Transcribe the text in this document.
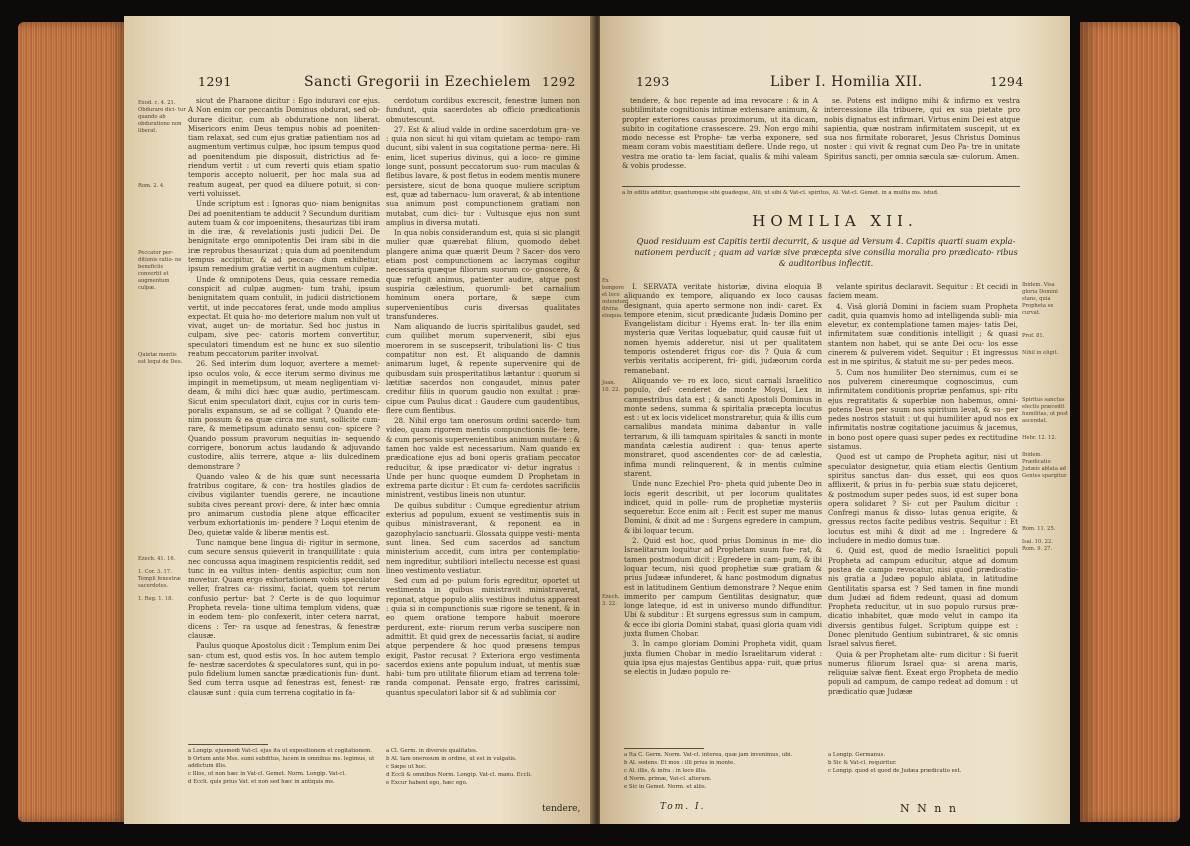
1291	Sancti Gregorii in Ezechielem 1292
Exod. c. 4. 21. Obdurare dici- tur quando ab obduratione non liberat.
Rom. 2. 4.
Peccator per- ditionis ratio- ne beneficiis convertit et augmentum culpæ.
Quietæ mentis est loqui de Deo.
Ezech. 41. 16.
1. Cor. 3. 17. Templi fenestræ sacerdotes.
1. Reg. 1. 18.

sicut de Pharaone dicitur : Ego induravi cor ejus. A Non enim cor peccantis Dominus obdurat, sed ob- durare dicitur, cum ab obduratione non liberat. Misericors enim Deus tempus nobis ad poeniten- tiam relaxat, sed cum ejus gratiæ patientiam nos ad augmentum vertimus culpæ, hoc ipsum tempus quod ad poenitendum pie disposuit, districtius ad fe- riendum vertit : ut cum reverti quis etiam spatio temporis accepto noluerit, per hoc mala sua ad reatum augeat, per quod ea diluere potuit, si con- verti voluisset.

Unde scriptum est : Ignoras quo- niam benignitas Dei ad poenitentiam te adducit ? Secundum duritiam autem tuam & cor impoenitens, thesaurizas tibi iram in die iræ, & revelationis justi judicii Dei. De benignitate ergo omnipotentis Dei iram sibi in die iræ reprobus thesaurizat ; quia dum ad poenitendum tempus accipitur, & ad peccan- dum exhibetur, ipsum remedium gratiæ vertit in augmentum culpæ.

Unde & omnipotens Deus, quia cessare remedia conspicit ad culpæ augmen- tum trahi, ipsum benignitatem quam contulit, in judicii districtionem vertit, ut inde peccatores ferat, unde modo amplius expectat. Et quia ho- mo deteriore malum non vult ut vivat, auget un- de moriatur. Sed hoc justus in culpam, sive pec- catoris mortem convertitur, speculatori timendum est ne hunc ex suo silentio reatum peccatorum pariter involvat.

26. Sed interim dum loquor, avertere a memet- ipso oculos volo, & ecce iterum sermo divinus me impingit in memetipsum, ut meam negligentiam vi- deam, & mihi dici hæc quæ audio, pertimescam. Sicut enim speculatori dixit, cujus cor in curis tem- poralis expansum, se ad se colligat ? Quando ete- nim possum & ea quæ circa me sunt, sollicite cum- rare, & memetipsum adunato sensu con- spicere ? Quando possum pravorum nequitias in- sequendo corrigere, bonorum actus laudando & adjuvando custodire, aliis terrere, atque a- liis dulcedinem demonstrare ?

Quando valeo & de his quæ sunt necessaria fratribus cogitare, & con- tra hostiles gladios de civibus vigilanter tuendis gerere, ne incautione subita cives pereant provi- dere, & inter hæc omnia pro animarum custodia plene atque efficaciter verbum exhortationis im- pendere ? Loqui etenim de Deo, quietæ valde & liberæ mentis est.

Tunc namque bene lingua di- rigitur in sermone, cum secure sensus quieverit in tranquillitate : quia nec concussa aqua imaginem respicientis reddit, sed tunc in ea vultus inten- dentis aspicitur, cum non movetur. Quam ergo exhortationem vobis speculator veller, fratres ca- rissimi, faciat, quem tot rerum confusio pertur- bat ? Certe is de quo loquimur Propheta revela- tione ultima templum videns, quæ in eodem tem- plo confexerit, inter cetera narrat, dicens : Ter- ra usque ad fenestras, & fenestræ clausæ.

Paulus quoque Apostolus dicit : Templum enim Dei san- ctum est, quod estis vos. In hoc autem templo fe- nestræ sacerdotes & speculatores sunt, qui in po- pulo fidelium lumen sanctæ prædicationis fun- dunt. Sed cum terra usque ad fenestras est, fenest- ræ clausæ sunt : quia cum terrena cogitatio in fa-

cerdotum cordibus excrescit, fenestræ lumen non fundunt, quia sacerdotes ab officio prædicationis obmutescunt.

27. Est & aliud valde in ordine sacerdotum gra- ve : quia non sicut hi qui vitam quietam ac tempo- ram ducunt, sibi valent in sua cogitatione perma- nere. Hi enim, licet superius divinus, qui a loco- re gimine longe sunt, possunt peccatorum suo- rum maculas & fletibus lavare, & post fletus in eodem mentis munere persistere, sicut de bona quoque muliere scriptum est, quæ ad tabernacu- lum oraverat, & ab intentione sua animum post compunctionem gratiam non mutabat, cum dici- tur : Vultusque ejus non sunt amplius in diversa mutati.

In qua nobis considerandum est, quia si sic plangit mulier quæ quærebat filium, quomodo debet plangere anima quæ quærit Deum ? Sacer- dos vero etiam post compunctionem ac lacrymas cogitur necessaria quæque filiorum suorum co- gnoscere, & quæ refugit animus, patienter audire, atque post suspiria cælestium, quorumli- bet carnalium hominum onera portare, & sæpe cum supervenientibus curis diversas qualitates transfunderes.

Nam aliquando de lucris spiritalibus gaudet, sed cum quilibet morum supervenerit, sibi ejus moerorem in se suscepserit, tribulationi lis- C tius compatitur non est. Et aliquando de damnis animarum luget, & repente supervenire qui de quibusdam suis prosperitatibus lætantur : quorum si lætitiæ sacerdos non congaudet, minus pater creditur filiis in quorum gaudio non exultat : præ- cipue cum Paulus dicat : Gaudere cum gaudentibus, flere cum flentibus.

28. Nihil ergo tam onerosum ordini sacerdo- tum video, quam rigorem mentis compunctionis fle- tere, & cum personis supervenientibus animum mutare : & tamen hoc valde est necessarium. Nam quando ex prædicatione ejus ad boni operis gratiam peccator reducitur, & ipse prædicator vi- detur ingratus : Unde per hunc quoque eumdem D Prophetam in extrema parte dicitur : Et cum fa- cerdotes sacrificiis ministrent, vestibus lineis non utuntur.

De quibus subditur : Cumque egredientur atrium exterius ad populum, exuent se vestimentis suis in quibus ministraverant, & reponent ea in gazophylacio sanctuarii. Glossata quippe vesti- menta sunt linea. Sed cum sacerdos ad sanctum ministerium accedit, cum intra per contemplatio- nem ingreditur, subtiliori intellectu necesse est quasi lineo vestimento vestiatur.

Sed cum ad po- pulum foris egreditur, oportet ut vestimenta in quibus ministravit ministraverat, reponat, atque populo aliis vestibus indutus appareat : quia si in compunctionis suæ rigore se tenent, & in eo quem oratione tempore habuit moerore perdurent, exte- riorum rerum verba suscipere non admittit. Et quid grex de necessariis faciat, si audire atque perpendere & hoc quod præsens tempus exigit, Pastor recusat ? Exteriora ergo vestimenta sacerdos exiens ante populum induat, ut mentis suæ habi- tum pro utilitate filiorum etiam ad terrena tole- randa componat. Pensate ergo, fratres carissimi, quantus speculatori labor sit & ad sublimia cor

a Longip. ejusmodi Vat-cl. ejus ita ut expositionem et cogitationem.
b Ortum ante Mss. sumi subditus, lucem in omnibus ms. legimus, ut addictum illis.
c Illos, ut non hæc in Vat-cl. Gemet. Norm. Longip. Vat-cl.
d Eccli. quis prius Vat. et non sed hæc in antiquis ms.
a Cl. Germ. in diversis qualitates.
b Al. tam onerosum in ordine, ut est in vulgatis.
c Sæpe ut hoc.
d Eccli & omnibus Norm. Longip. Vat-cl. manu. Eccli.
e Excur habent ego, hæc ego.
tendere,
1293	Liber I. Homilia XII.	1294

tendere, & hoc repente ad ima revocare : & in A subtilimitate cognitionis intimæ extensare animum, & propter exteriores causas proximorum, ut ita dicam, subito in cogitatione crassescere. 29. Non ergo mihi modo necesse est Prophe- tæ verba exponere, sed meam coram vobis maestitiam deflere. Unde rego, ut vestra me oratio ta- lem faciat, qualis & mihi valeam & vobis prodesse.

se. Potens est indigno mihi & infirmo ex vestra intercessione illa tribuere, qui ex sua pietate pro nobis dignatus est infirmari. Virtus enim Dei est atque sapientia, quæ nostram infirmitatem suscepit, ut ex sua nos firmitate roboraret, Jesus Christus Dominus noster : qui vivit & regnat cum Deo Pa- tre in unitate Spiritus sancti, per omnia sæcula sæ- culorum. Amen.

a In editis additur, quantumque sibi guadeque, Alii, ut sibi & Vat-cl. spiritus, Al. Vat-cl. Gemet. in a multis ms. istud.
HOMILIA XII.
Quod residuum est Capitis tertii decurrit, & usque ad Versum 4. Capitis quarti suam expla- nationem perducit ; quam ad variæ sive præcepta sive consilia moralia pro prædicato- ribus & auditoribus inflectit.
Ex tempore et loco ostendunt divina eloquia.
Joan. 10. 22.
Ezech. 3. 22.

I. SERVATA veritate historiæ, divina eloquia B aliquando ex tempore, aliquando ex loco causas designant, quia aperto sermone non indi- caret. Ex tempore etenim, sicut prædicante Judæis Domino per Evangelistam dicitur : Hyems erat. In- ter illa enim mysteria quæ Veritas loquebatur, quid causæ fuit ut nomen hyemis adderetur, nisi ut per qualitatem temporis ostenderet frigus cor- dis ? Quia & cum verbis veritatis acciperent, fri- gidi, judæorum corda remanebant.

Aliquando ve- ro ex loco, sicut carnali Israelitico populo, def- cenderet de monte Moysi, Lex in campestribus data est ; & sancti Apostoli Dominus in monte sedens, summa & spiritalia præcepta locutus est : ut ex locis videlicet monstraretur, quia & illis cum carnalibus mandata minima dabantur in valle terrarum, & illi tamquam spiritales & sancti in monte mandata cælestia audirent : qua- tenus aperte monstraret, quod ascendentes cor- de ad cælestia, infima mundi relinquerent, & in mentis culmine starent.

Unde nunc Ezechiel Pro- pheta quid jubente Deo in locis egerit describit, ut per locorum qualitates indicet, quid in polle- rum de prophetiæ mysteriis sequeretur. Ecce enim ait : Fecit est super me manus Domini, & dixit ad me : Surgens egredere in campum, & ibi loquar tecum.

2. Quid est hoc, quod prius Dominus in me- dio Israelitarum loquitur ad Prophetam suum fue- rat, & tamen postmodum dicit : Egredere in cam- pum, & ibi loquar tecum, nisi quod prophetiæ suæ gratiam & prius Judææ infunderet, & hanc postmodum dignatus est in latitudinem Gentium demonstrare ? Neque enim immerito per campum Gentilitas designatur, quæ longe lateque, id est in universo mundo diffunditur. Ubi & subditur : Et surgens egressus sum in campum, & ecce ibi gloria Domini stabat, quasi gloria quam vidi juxta flumen Chobar.

3. In campo gloriam Domini Propheta vidit, quam juxta flumen Chobar in medio Israelitarum viderat : quia ipsa ejus majestas Gentibus appa- ruit, quæ prius se electis in Judæo populo re-

velante spiritus declaravit. Sequitur : Et cecidi in faciem meam.

4. Visâ gloriâ Domini in faciem suam Propheta cadit, quia quamvis homo ad intelligenda subli- mia elevetur, ex contemplatione tamen majes- tatis Dei, infirmitatem suæ conditionis intelligit ; & quasi stantem non habet, qui se ante Dei ocu- los esse cinerem & pulverem videt. Sequitur : Et ingressus est in me spiritus, & statuit me su- per pedes meos.

5. Cum nos humiliter Deo sternimus, cum ei se nos pulverem cinereumque cognoscimus, cum infirmitatem conditionis propriæ penfamus, spi- ritu ejus regratitatis & superbiæ non habemus, omni- potens Deus per suum nos spiritum levat, & su- per pedes nostros statuit : ut qui humiliter apud nos ex infirmitatis nostræ cogitatione jacuimus & jacemus, in bono post opere quasi super pedes ex rectitudine sistamus.

Quod est ut campo de Propheta agitur, nisi ut speculator designetur, quia etiam electis Gentium spiritus sanctus dan- dus esset, qui eos quos afflixerit, & prius in fu- perbia suæ statu dejiceret, & postmodum super pedes suos, id est super bona opera solidaret ? Si- cut per Paulum dicitur : Confregi manus & disso- lutas genua erigite, & gressus rectos facite pedibus vestris. Sequitur : Et locutus est mihi & dixit ad me : Ingredere & includere in medio domus tuæ.

6. Quid est, quod de medio Israelitici populi Propheta ad campum educitur, atque ad domum postea de campo revocatur, nisi quod prædicatio- nis gratia a Judæo populo ablata, in latitudine Gentilitatis sparsa est ? Sed tamen in fine mundi dum Judæi ad fidem redeunt, quasi ad domum Propheta reducitur, ut in suo populo rursus præ- dicatio inhabitet, quæ modo velut in campo ita diversis gentibus fulget. Scriptum quippe est : Donec plenitudo Gentium subintraret, & sic omnis Israel salvus fieret.

Quia & per Prophetam alte- rum dicitur : Si fuerit numerus filiorum Israel qua- si arena maris, reliquiæ salvæ fient. Exeat ergo Propheta de medio populi ad campum, de campo redeat ad domum : ut prædicatio quæ Judææ

Ibidem. Visa gloria Domini stans, quia Propheta se curvat.
Prof. 81.
Nihil in eligit.
Spiritus sanctus electis præcedit humilitas, ut post ascendat.
Hebr. 12. 12.
Ibidem. Prædicatio Judæis ablata ad Gentes spargitur.
Rom. 11. 25.
Isai. 10. 22. Rom. 9. 27.
a Ita C. Germ. Norm. Vat-cl. interea, quæ jam invenimus, ubi.
b Al. sedens. Et mox : illi prius in monte.
c Al. illis, & infra : in loco illis.
d Norm. primæ, Vat-cl. alterum.
e Sic in Gemet. Norm. et aliis.
a Longip. Germanus.
b Sic & Vat-cl. requiritur.
c Longip. quod et quod de Judæa prædicatio est.
Tom. I.	N N n n
